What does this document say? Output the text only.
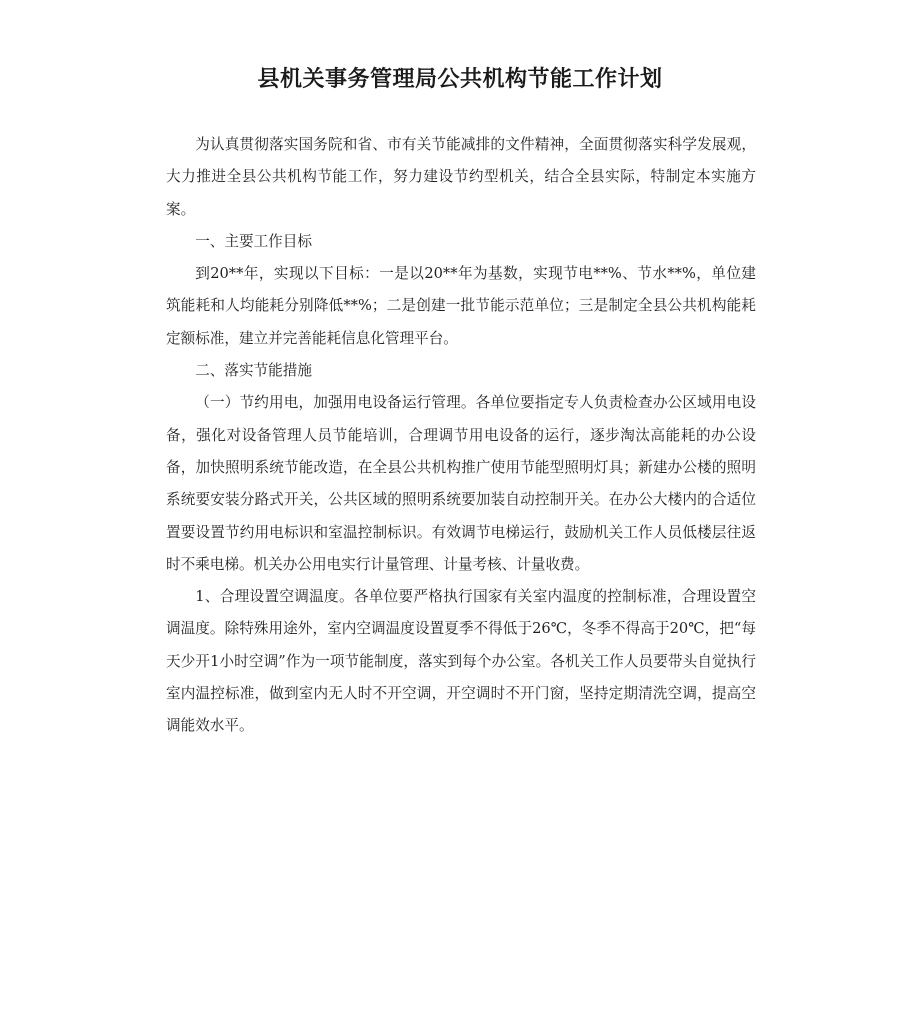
县机关事务管理局公共机构节能工作计划

为认真贯彻落实国务院和省、市有关节能减排的文件精神，全面贯彻落实科学发展观，大力推进全县公共机构节能工作，努力建设节约型机关，结合全县实际，特制定本实施方案。

一、主要工作目标

到20**年，实现以下目标：一是以20**年为基数，实现节电**%、节水**%，单位建筑能耗和人均能耗分别降低**%；二是创建一批节能示范单位；三是制定全县公共机构能耗定额标准，建立并完善能耗信息化管理平台。

二、落实节能措施

（一）节约用电，加强用电设备运行管理。各单位要指定专人负责检查办公区域用电设备，强化对设备管理人员节能培训，合理调节用电设备的运行，逐步淘汰高能耗的办公设备，加快照明系统节能改造，在全县公共机构推广使用节能型照明灯具；新建办公楼的照明系统要安装分路式开关，公共区域的照明系统要加装自动控制开关。在办公大楼内的合适位置要设置节约用电标识和室温控制标识。有效调节电梯运行，鼓励机关工作人员低楼层往返时不乘电梯。机关办公用电实行计量管理、计量考核、计量收费。

1、合理设置空调温度。各单位要严格执行国家有关室内温度的控制标准，合理设置空调温度。除特殊用途外，室内空调温度设置夏季不得低于26℃，冬季不得高于20℃，把“每天少开1小时空调”作为一项节能制度，落实到每个办公室。各机关工作人员要带头自觉执行室内温控标准，做到室内无人时不开空调，开空调时不开门窗，坚持定期清洗空调，提高空调能效水平。
